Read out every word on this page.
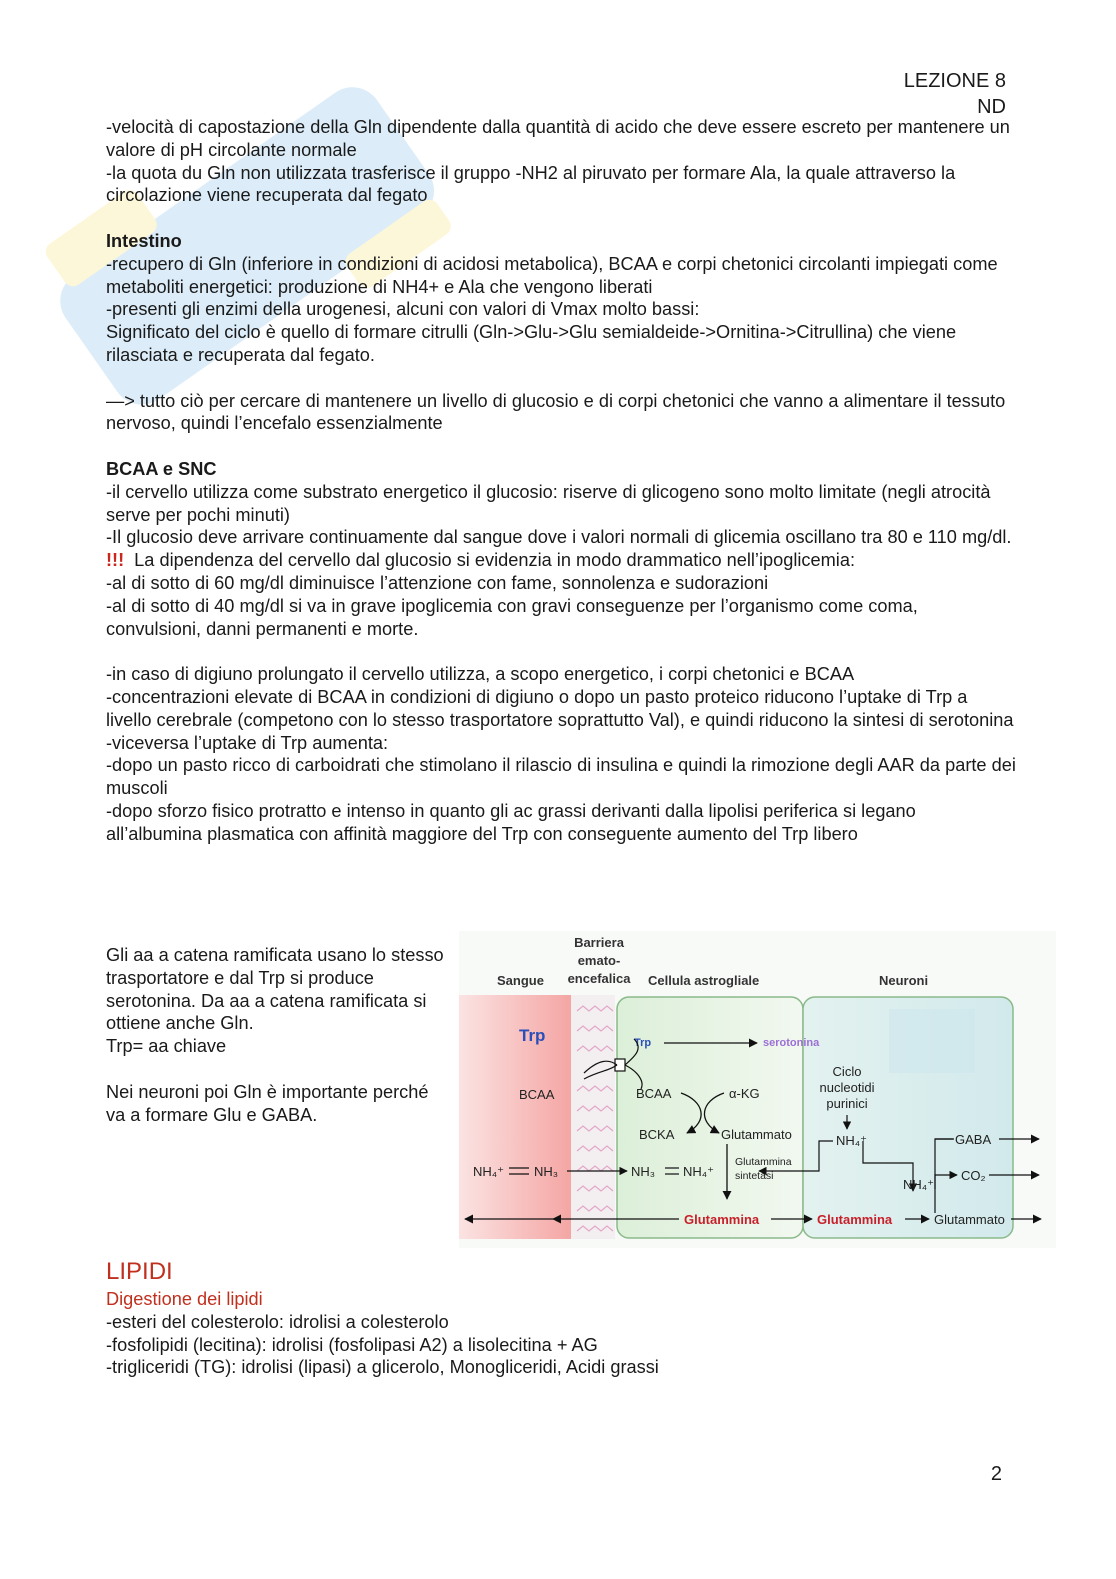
LEZIONE 8
ND

-velocità di capostazione della Gln dipendente dalla quantità di acido che deve essere escreto per mantenere un valore di pH circolante normale

-la quota du Gln non utilizzata trasferisce il gruppo -NH2 al piruvato per formare Ala, la quale attraverso la circolazione viene recuperata dal fegato

Intestino

-recupero di Gln (inferiore in condizioni di acidosi metabolica), BCAA e corpi chetonici circolanti impiegati come metaboliti energetici: produzione di NH4+ e Ala che vengono liberati

-presenti gli enzimi della urogenesi, alcuni con valori di Vmax molto bassi:

Significato del ciclo è quello di formare citrulli (Gln->Glu->Glu semialdeide->Ornitina->Citrullina) che viene rilasciata e recuperata dal fegato.

—> tutto ciò per cercare di mantenere un livello di glucosio e di corpi chetonici che vanno a alimentare il tessuto nervoso, quindi l’encefalo essenzialmente

BCAA e SNC

-il cervello utilizza come substrato energetico il glucosio: riserve di glicogeno sono molto limitate (negli atrocità serve per pochi minuti)

-Il glucosio deve arrivare continuamente dal sangue dove i valori normali di glicemia oscillano tra 80 e 110 mg/dl.

!!! La dipendenza del cervello dal glucosio si evidenzia in modo drammatico nell’ipoglicemia:

-al di sotto di 60 mg/dl diminuisce l’attenzione con fame, sonnolenza e sudorazioni

-al di sotto di 40 mg/dl si va in grave ipoglicemia con gravi conseguenze per l’organismo come coma, convulsioni, danni permanenti e morte.

-in caso di digiuno prolungato il cervello utilizza, a scopo energetico, i corpi chetonici e BCAA

-concentrazioni elevate di BCAA in condizioni di digiuno o dopo un pasto proteico riducono l’uptake di Trp a livello cerebrale (competono con lo stesso trasportatore soprattutto Val), e quindi riducono la sintesi di serotonina

-viceversa l’uptake di Trp aumenta:

-dopo un pasto ricco di carboidrati che stimolano il rilascio di insulina e quindi la rimozione degli AAR da parte dei muscoli

-dopo sforzo fisico protratto e intenso in quanto gli ac grassi derivanti dalla lipolisi periferica si legano all’albumina plasmatica con affinità maggiore del Trp con conseguente aumento del Trp libero

Gli aa a catena ramificata usano lo stesso trasportatore e dal Trp si produce serotonina. Da aa a catena ramificata si ottiene anche Gln.

Trp= aa chiave

Nei neuroni poi Gln è importante perché va a formare Glu e GABA.

Sangue
Barriera
emato-
encefalica Cellula astrogliale	Neuroni
Trp	Trp	serotonina
BCAA	BCAA	α-KG
BCKA	Glutammato
Glutammina
sintetasi
NH₄⁺ NH₃	NH₃ NH₄⁺
Ciclo
nucleotidi
purinici
NH₄⁺
NH₄⁺
GABA
CO₂
Glutammina	Glutammina	Glutammato
LIPIDI
Digestione dei lipidi

-esteri del colesterolo: idrolisi a colesterolo

-fosfolipidi (lecitina): idrolisi (fosfolipasi A2) a lisolecitina + AG

-trigliceridi (TG): idrolisi (lipasi) a glicerolo, Monogliceridi, Acidi grassi

2
